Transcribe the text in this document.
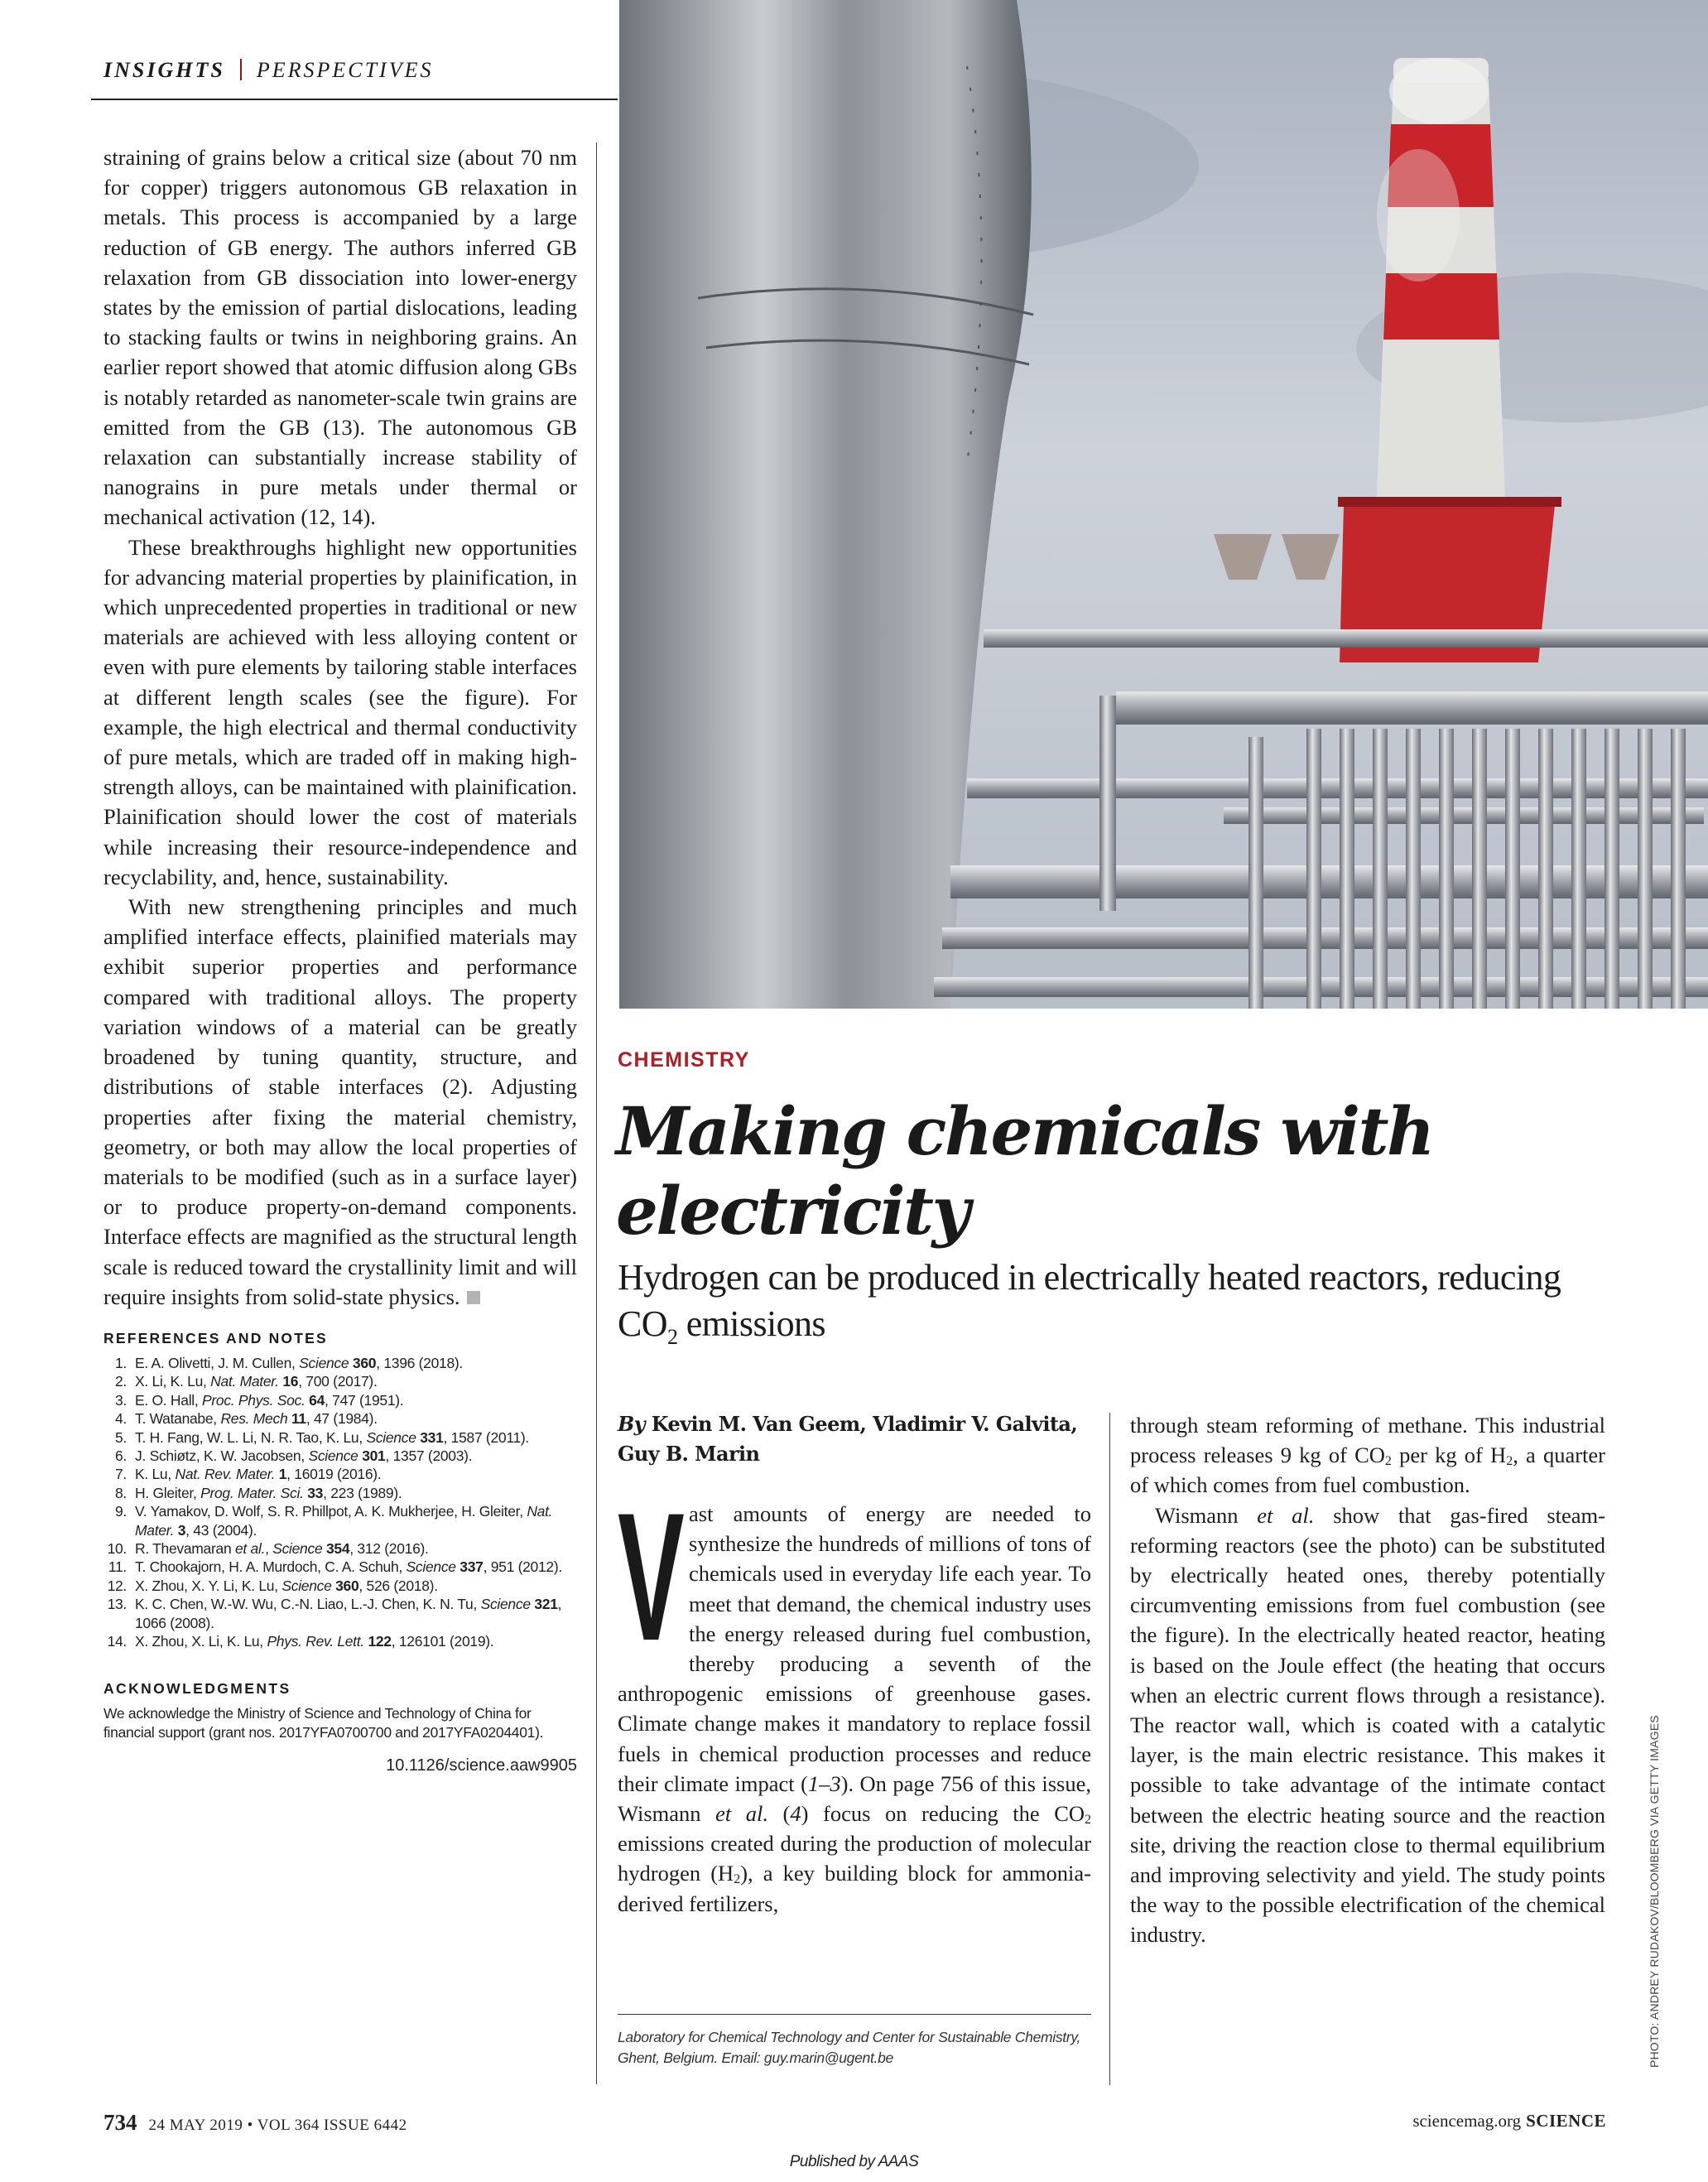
INSIGHTS PERSPECTIVES

straining of grains below a critical size (about 70 nm for copper) triggers autonomous GB relaxation in metals. This process is accompanied by a large reduction of GB energy. The authors inferred GB relaxation from GB dissociation into lower-energy states by the emission of partial dislocations, leading to stacking faults or twins in neighboring grains. An earlier report showed that atomic diffusion along GBs is notably retarded as nanometer-scale twin grains are emitted from the GB (13). The autonomous GB relaxation can substantially increase stability of nanograins in pure metals under thermal or mechanical activation (12, 14).

These breakthroughs highlight new opportunities for advancing material properties by plainification, in which unprecedented properties in traditional or new materials are achieved with less alloying content or even with pure elements by tailoring stable interfaces at different length scales (see the figure). For example, the high electrical and thermal conductivity of pure metals, which are traded off in making high-strength alloys, can be maintained with plainification. Plainification should lower the cost of materials while increasing their resource-independence and recyclability, and, hence, sustainability.

With new strengthening principles and much amplified interface effects, plainified materials may exhibit superior properties and performance compared with traditional alloys. The property variation windows of a material can be greatly broadened by tuning quantity, structure, and distributions of stable interfaces (2). Adjusting properties after fixing the material chemistry, geometry, or both may allow the local properties of materials to be modified (such as in a surface layer) or to produce property-on-demand components. Interface effects are magnified as the structural length scale is reduced toward the crystallinity limit and will require insights from solid-state physics.

REFERENCES AND NOTES
1. E. A. Olivetti, J. M. Cullen, Science 360, 1396 (2018).
2. X. Li, K. Lu, Nat. Mater. 16, 700 (2017).
3. E. O. Hall, Proc. Phys. Soc. 64, 747 (1951).
4. T. Watanabe, Res. Mech 11, 47 (1984).
5. T. H. Fang, W. L. Li, N. R. Tao, K. Lu, Science 331, 1587 (2011).
6. J. Schiøtz, K. W. Jacobsen, Science 301, 1357 (2003).
7. K. Lu, Nat. Rev. Mater. 1, 16019 (2016).
8. H. Gleiter, Prog. Mater. Sci. 33, 223 (1989).
9. V. Yamakov, D. Wolf, S. R. Phillpot, A. K. Mukherjee, H. Gleiter, Nat. Mater. 3, 43 (2004).
10. R. Thevamaran et al., Science 354, 312 (2016).
11. T. Chookajorn, H. A. Murdoch, C. A. Schuh, Science 337, 951 (2012).
12. X. Zhou, X. Y. Li, K. Lu, Science 360, 526 (2018).
13. K. C. Chen, W.-W. Wu, C.-N. Liao, L.-J. Chen, K. N. Tu, Science 321, 1066 (2008).
14. X. Zhou, X. Li, K. Lu, Phys. Rev. Lett. 122, 126101 (2019).
ACKNOWLEDGMENTS
We acknowledge the Ministry of Science and Technology of China for financial support (grant nos. 2017YFA0700700 and 2017YFA0204401).
10.1126/science.aaw9905	PHOTO: ANDREY RUDAKOV/BLOOMBERG VIA GETTY IMAGES
CHEMISTRY
Making chemicals with electricity
Hydrogen can be produced in electrically heated reactors, reducing $CO_2$ emissions
By Kevin M. Van Geem, Vladimir V. Galvita, Guy B. Marin

Vast amounts of energy are needed to synthesize the hundreds of millions of tons of chemicals used in everyday life each year. To meet that demand, the chemical industry uses the energy released during fuel combustion, thereby producing a seventh of the anthropogenic emissions of greenhouse gases. Climate change makes it mandatory to replace fossil fuels in chemical production processes and reduce their climate impact (1–3). On page 756 of this issue, Wismann et al. (4) focus on reducing the $CO_2$ emissions created during the production of molecular hydrogen $(H_2)$, a key building block for ammonia-derived fertilizers,

Laboratory for Chemical Technology and Center for Sustainable Chemistry, Ghent, Belgium. Email: guy.marin@ugent.be

through steam reforming of methane. This industrial process releases 9 kg of $CO_2$ per kg of $H_2$, a quarter of which comes from fuel combustion.

Wismann et al. show that gas-fired steam-reforming reactors (see the photo) can be substituted by electrically heated ones, thereby potentially circumventing emissions from fuel combustion (see the figure). In the electrically heated reactor, heating is based on the Joule effect (the heating that occurs when an electric current flows through a resistance). The reactor wall, which is coated with a catalytic layer, is the main electric resistance. This makes it possible to take advantage of the intimate contact between the electric heating source and the reaction site, driving the reaction close to thermal equilibrium and improving selectivity and yield. The study points the way to the possible electrification of the chemical industry.

734 24 MAY 2019 • VOL 364 ISSUE 6442	sciencemag.org SCIENCE
Published by AAAS
